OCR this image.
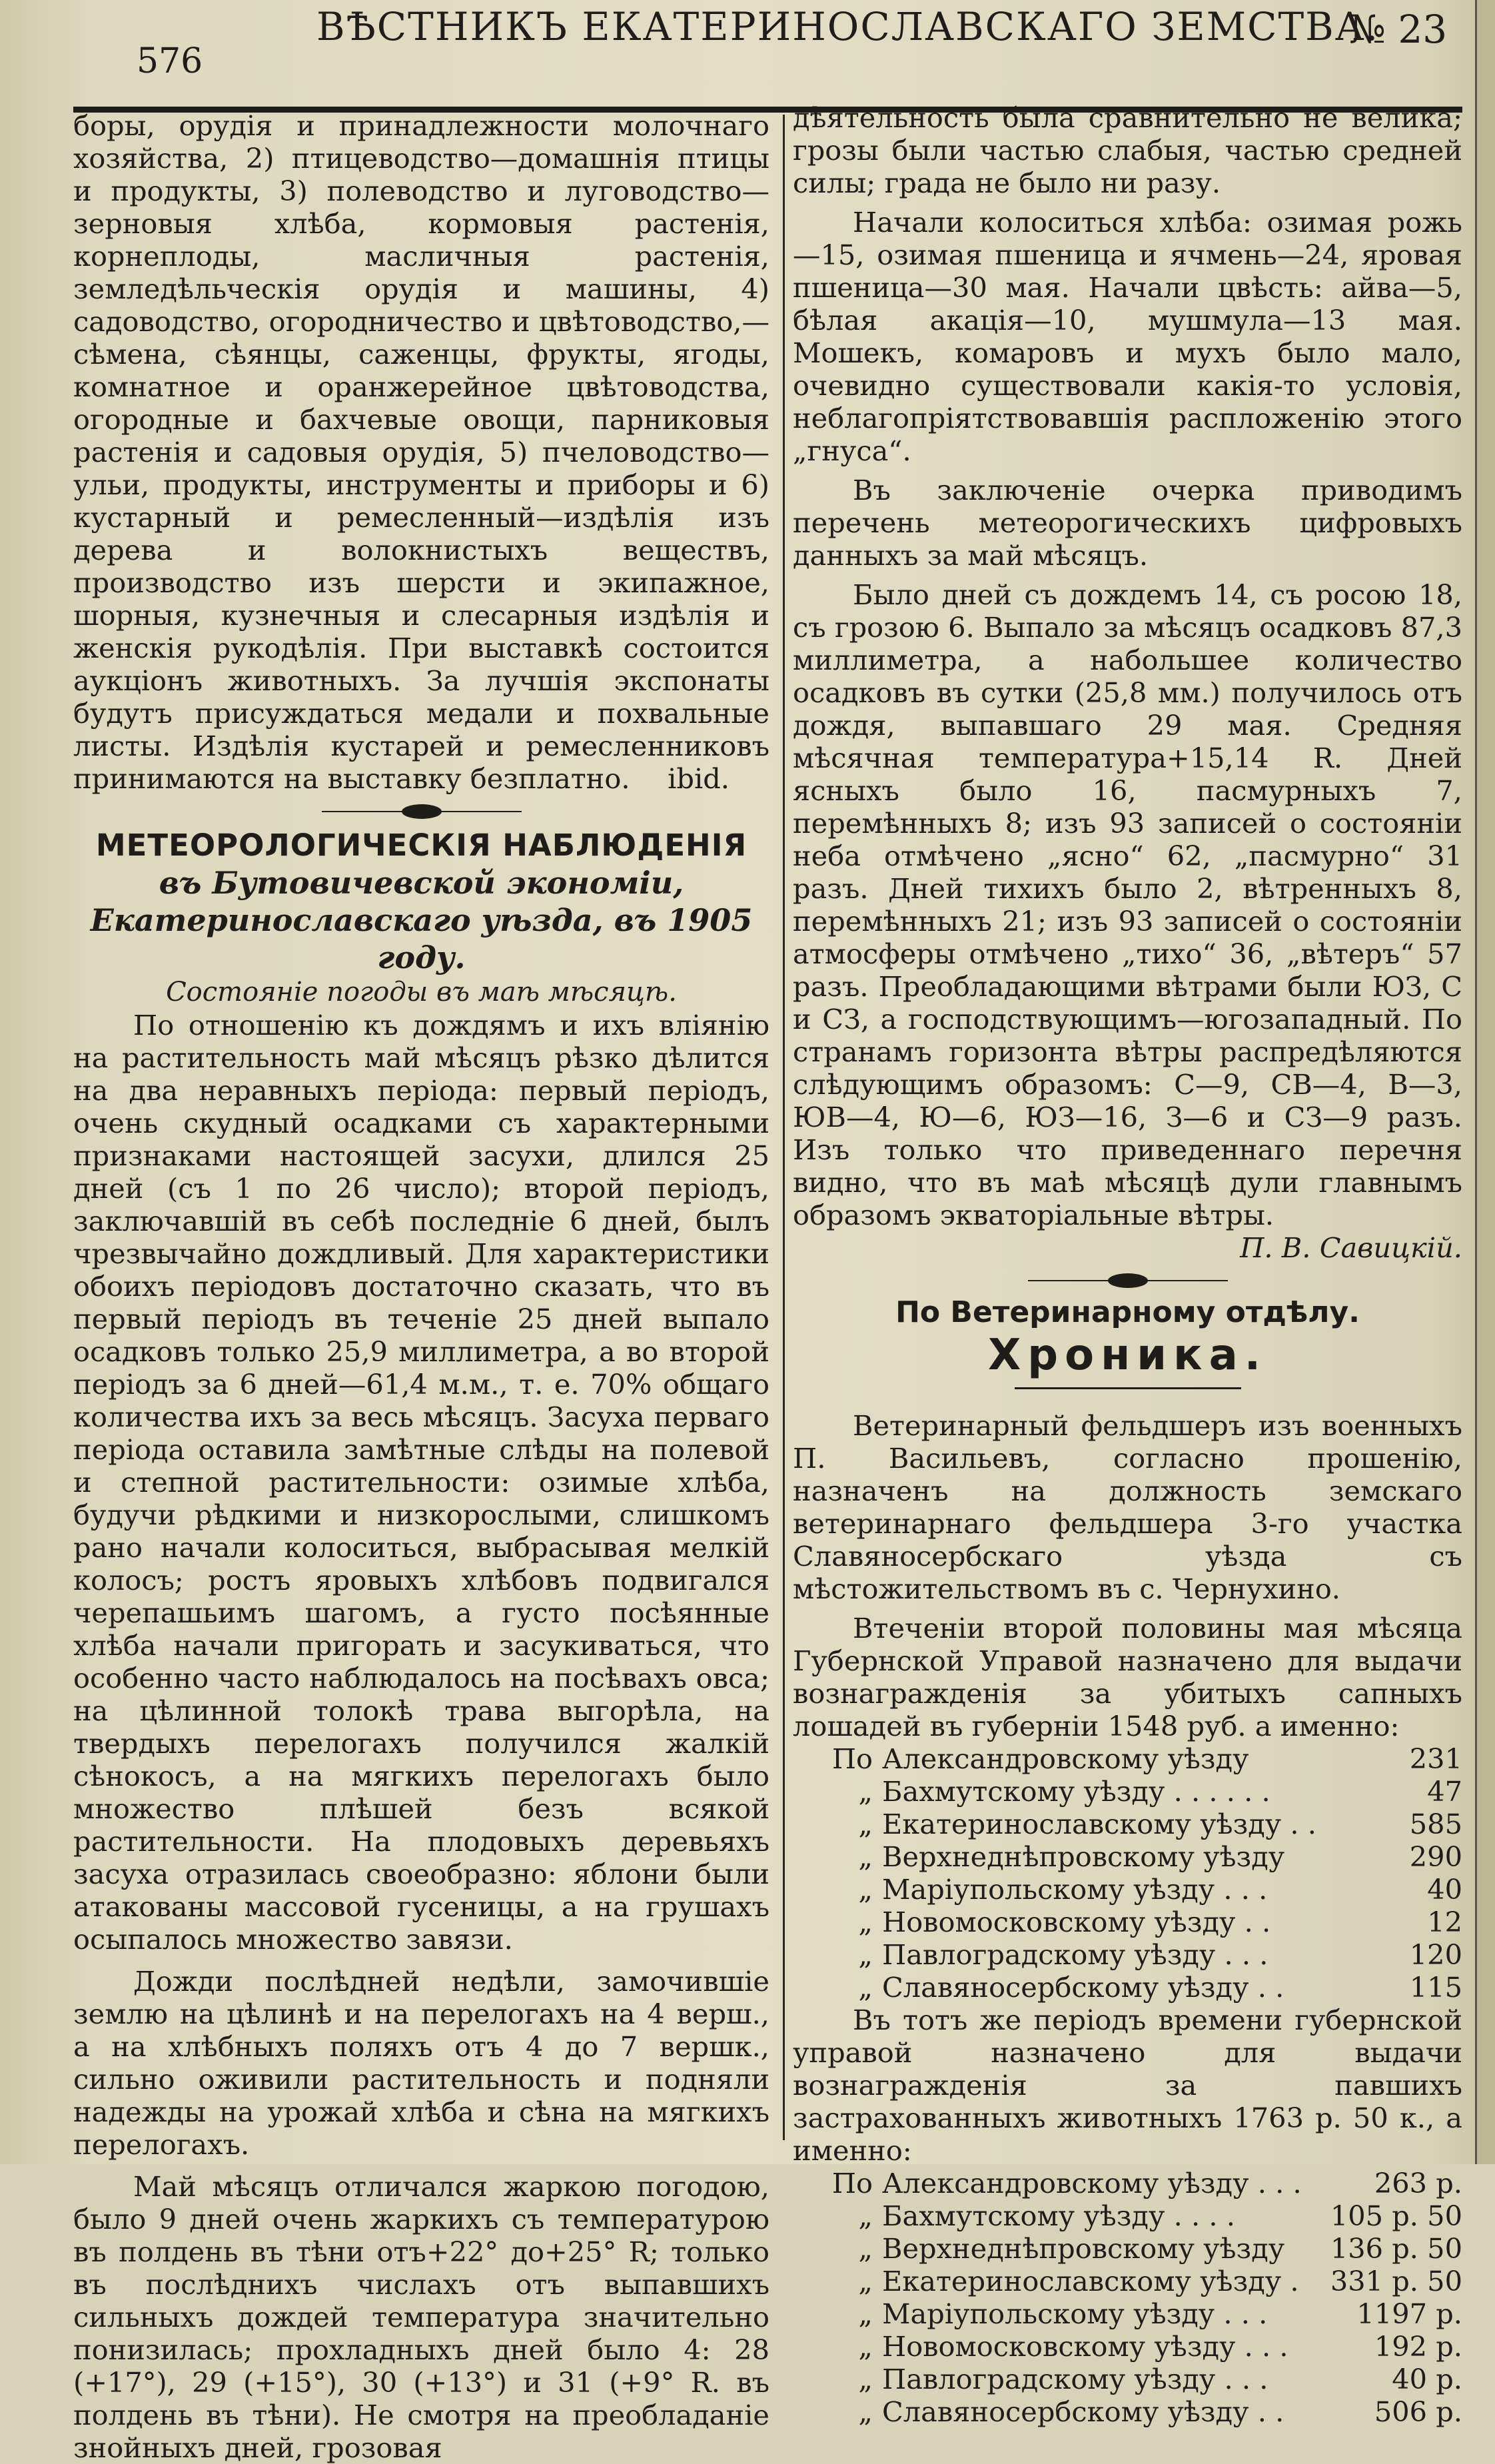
576
ВѢСТНИКЪ ЕКАТЕРИНОСЛАВСКАГО ЗЕМСТВА.
№ 23

боры, орудія и принадлежности молочнаго хозяйства, 2) птицеводство—домашнія птицы и продукты, 3) полеводство и луговодство—зерновыя хлѣба, кормовыя растенія, корнеплоды, масличныя растенія, земледѣльческія орудія и машины, 4) садоводство, огородничество и цвѣтоводство,—сѣмена, сѣянцы, саженцы, фрукты, ягоды, комнатное и оранжерейное цвѣтоводства, огородные и бахчевые овощи, парниковыя растенія и садовыя орудія, 5) пчеловодство—ульи, продукты, инструменты и приборы и 6) кустарный и ремесленный—издѣлія изъ дерева и волокнистыхъ веществъ, производство изъ шерсти и экипажное, шорныя, кузнечныя и слесарныя издѣлія и женскія рукодѣлія. При выставкѣ состоится аукціонъ животныхъ. За лучшія экспонаты будутъ присуждаться медали и похвальные листы. Издѣлія кустарей и ремесленниковъ принимаются на выставку безплатно.	ibid.

МЕТЕОРОЛОГИЧЕСКІЯ НАБЛЮДЕНІЯ

въ Бутовичевской экономіи, Екатеринославскаго уѣзда, въ 1905 году.

Состояніе погоды въ маѣ мѣсяцѣ.

По отношенію къ дождямъ и ихъ вліянію на растительность май мѣсяцъ рѣзко дѣлится на два неравныхъ періода: первый періодъ, очень скудный осадками съ характерными признаками настоящей засухи, длился 25 дней (съ 1 по 26 число); второй періодъ, заключавшій въ себѣ последніе 6 дней, былъ чрезвычайно дождливый. Для характеристики обоихъ періодовъ достаточно сказать, что въ первый періодъ въ теченіе 25 дней выпало осадковъ только 25,9 миллиметра, а во второй періодъ за 6 дней—61,4 м.м., т. е. 70% общаго количества ихъ за весь мѣсяцъ. Засуха перваго періода оставила замѣтные слѣды на полевой и степной растительности: озимые хлѣба, будучи рѣдкими и низкорослыми, слишкомъ рано начали колоситься, выбрасывая мелкій колосъ; ростъ яровыхъ хлѣбовъ подвигался черепашьимъ шагомъ, а густо посѣянные хлѣба начали пригорать и засукиваться, что особенно часто наблюдалось на посѣвахъ овса; на цѣлинной толокѣ трава выгорѣла, на твердыхъ перелогахъ получился жалкій сѣнокосъ, а на мягкихъ перелогахъ было множество плѣшей безъ всякой растительности. На плодовыхъ деревьяхъ засуха отразилась своеобразно: яблони были атакованы массовой гусеницы, а на грушахъ осыпалось множество завязи.

Дожди послѣдней недѣли, замочившіе землю на цѣлинѣ и на перелогахъ на 4 верш., а на хлѣбныхъ поляхъ отъ 4 до 7 вершк., сильно оживили растительность и подняли надежды на урожай хлѣба и сѣна на мягкихъ перелогахъ.

Май мѣсяцъ отличался жаркою погодою, было 9 дней очень жаркихъ съ температурою въ полдень въ тѣни отъ+22° до+25° R; только въ послѣднихъ числахъ отъ выпавшихъ сильныхъ дождей температура значительно понизилась; прохладныхъ дней было 4: 28 (+17°), 29 (+15°), 30 (+13°) и 31 (+9° R. въ полдень въ тѣни). Не смотря на преобладаніе знойныхъ дней, грозовая

дѣятельность была сравнительно не велика; грозы были частью слабыя, частью средней силы; града не было ни разу.

Начали колоситься хлѣба: озимая рожь—15, озимая пшеница и ячмень—24, яровая пшеница—30 мая. Начали цвѣсть: айва—5, бѣлая акація—10, мушмула—13 мая. Мошекъ, комаровъ и мухъ было мало, очевидно существовали какія-то условія, неблагопріятствовавшія распложенію этого „гнуса“.

Въ заключеніе очерка приводимъ перечень метеорогическихъ цифровыхъ данныхъ за май мѣсяцъ.

Было дней съ дождемъ 14, съ росою 18, съ грозою 6. Выпало за мѣсяцъ осадковъ 87,3 миллиметра, а набольшее количество осадковъ въ сутки (25,8 мм.) получилось отъ дождя, выпавшаго 29 мая. Средняя мѣсячная температура+15,14 R. Дней ясныхъ было 16, пасмурныхъ 7, перемѣнныхъ 8; изъ 93 записей о состояніи неба отмѣчено „ясно“ 62, „пасмурно“ 31 разъ. Дней тихихъ было 2, вѣтренныхъ 8, перемѣнныхъ 21; изъ 93 записей о состояніи атмосферы отмѣчено „тихо“ 36, „вѣтеръ“ 57 разъ. Преобладающими вѣтрами были ЮЗ, С и СЗ, а господствующимъ—югозападный. По странамъ горизонта вѣтры распредѣляются слѣдующимъ образомъ: С—9, СВ—4, В—3, ЮВ—4, Ю—6, ЮЗ—16, З—6 и СЗ—9 разъ. Изъ только что приведеннаго перечня видно, что въ маѣ мѣсяцѣ дули главнымъ образомъ экваторіальные вѣтры.

П. В. Савицкій.

По Ветеринарному отдѣлу.

Хроника.

Ветеринарный фельдшеръ изъ военныхъ П. Васильевъ, согласно прошенію, назначенъ на должность земскаго ветеринарнаго фельдшера 3-го участка Славяносербскаго уѣзда съ мѣстожительствомъ въ с. Чернухино.

Втеченіи второй половины мая мѣсяца Губернской Управой назначено для выдачи вознагражденія за убитыхъ сапныхъ лошадей въ губерніи 1548 руб. а именно:

По Александровскому уѣзду	231
„ Бахмутскому уѣзду . . . . . .	47
„ Екатеринославскому уѣзду . .	585
„ Верхнеднѣпровскому уѣзду	290
„ Маріупольскому уѣзду . . .	40
„ Новомосковскому уѣзду . .	12
„ Павлоградскому уѣзду . . .	120
„ Славяносербскому уѣзду . .	115

Въ тотъ же періодъ времени губернской управой назначено для выдачи вознагражденія за павшихъ застрахованныхъ животныхъ 1763 р. 50 к., а именно:

По Александровскому уѣзду . . .	263 р.
„ Бахмутскому уѣзду . . . .	105 р. 50
„ Верхнеднѣпровскому уѣзду	136 р. 50
„ Екатеринославскому уѣзду .	331 р. 50
„ Маріупольскому уѣзду . . .	1197 р.
„ Новомосковскому уѣзду . . .	192 р.
„ Павлоградскому уѣзду . . .	40 р.
„ Славяносербскому уѣзду . .	506 р.
